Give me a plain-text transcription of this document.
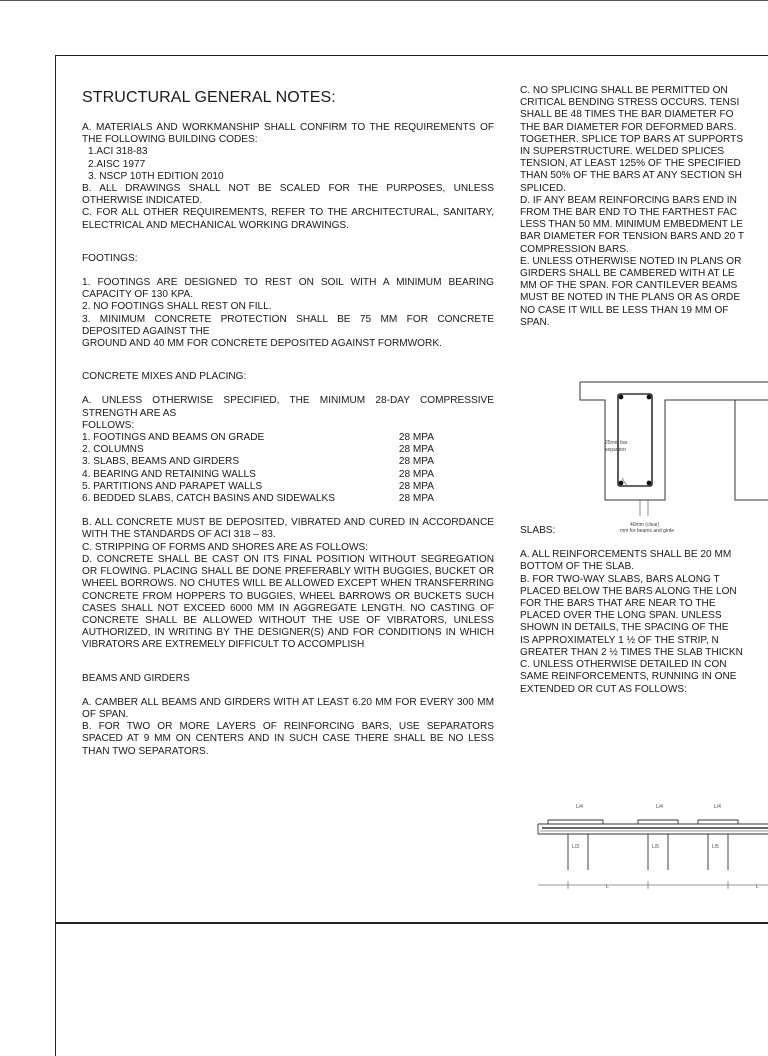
STRUCTURAL GENERAL NOTES:

A. MATERIALS AND WORKMANSHIP SHALL CONFIRM TO THE REQUIREMENTS OF THE FOLLOWING BUILDING CODES:

1.ACI 318-83

2.AISC 1977

3. NSCP 10TH EDITION 2010

B. ALL DRAWINGS SHALL NOT BE SCALED FOR THE PURPOSES, UNLESS OTHERWISE INDICATED.

C. FOR ALL OTHER REQUIREMENTS, REFER TO THE ARCHITECTURAL, SANITARY, ELECTRICAL AND MECHANICAL WORKING DRAWINGS.

FOOTINGS:

1. FOOTINGS ARE DESIGNED TO REST ON SOIL WITH A MINIMUM BEARING CAPACITY OF 130 KPA.

2. NO FOOTINGS SHALL REST ON FILL.

3. MINIMUM CONCRETE PROTECTION SHALL BE 75 MM FOR CONCRETE DEPOSITED AGAINST THE

GROUND AND 40 MM FOR CONCRETE DEPOSITED AGAINST FORMWORK.

CONCRETE MIXES AND PLACING:

A. UNLESS OTHERWISE SPECIFIED, THE MINIMUM 28-DAY COMPRESSIVE STRENGTH ARE AS

FOLLOWS:

1. FOOTINGS AND BEAMS ON GRADE	28 MPA
2. COLUMNS	28 MPA
3. SLABS, BEAMS AND GIRDERS	28 MPA
4. BEARING AND RETAINING WALLS	28 MPA
5. PARTITIONS AND PARAPET WALLS	28 MPA
6. BEDDED SLABS, CATCH BASINS AND SIDEWALKS	28 MPA

B. ALL CONCRETE MUST BE DEPOSITED, VIBRATED AND CURED IN ACCORDANCE WITH THE STANDARDS OF ACI 318 – 83.

C. STRIPPING OF FORMS AND SHORES ARE AS FOLLOWS:

D. CONCRETE SHALL BE CAST ON ITS FINAL POSITION WITHOUT SEGREGATION OR FLOWING. PLACING SHALL BE DONE PREFERABLY WITH BUGGIES, BUCKET OR WHEEL BORROWS. NO CHUTES WILL BE ALLOWED EXCEPT WHEN TRANSFERRING CONCRETE FROM HOPPERS TO BUGGIES, WHEEL BARROWS OR BUCKETS SUCH CASES SHALL NOT EXCEED 6000 MM IN AGGREGATE LENGTH. NO CASTING OF CONCRETE SHALL BE ALLOWED WITHOUT THE USE OF VIBRATORS, UNLESS AUTHORIZED, IN WRITING BY THE DESIGNER(S) AND FOR CONDITIONS IN WHICH VIBRATORS ARE EXTREMELY DIFFICULT TO ACCOMPLISH

BEAMS AND GIRDERS

A. CAMBER ALL BEAMS AND GIRDERS WITH AT LEAST 6.20 MM FOR EVERY 300 MM OF SPAN.

B. FOR TWO OR MORE LAYERS OF REINFORCING BARS, USE SEPARATORS SPACED AT 9 MM ON CENTERS AND IN SUCH CASE THERE SHALL BE NO LESS THAN TWO SEPARATORS.

C. NO SPLICING SHALL BE PERMITTED ON
CRITICAL BENDING STRESS OCCURS. TENSI
SHALL BE 48 TIMES THE BAR DIAMETER FO
THE BAR DIAMETER FOR DEFORMED BARS.
TOGETHER. SPLICE TOP BARS AT SUPPORTS
IN SUPERSTRUCTURE. WELDED SPLICES
TENSION, AT LEAST 125% OF THE SPECIFIED
THAN 50% OF THE BARS AT ANY SECTION SH
SPLICED.
D. IF ANY BEAM REINFORCING BARS END IN
FROM THE BAR END TO THE FARTHEST FAC
LESS THAN 50 MM. MINIMUM EMBEDMENT LE
BAR DIAMETER FOR TENSION BARS AND 20 T
COMPRESSION BARS.
E. UNLESS OTHERWISE NOTED IN PLANS OR
GIRDERS SHALL BE CAMBERED WITH AT LE
MM OF THE SPAN. FOR CANTILEVER BEAMS
MUST BE NOTED IN THE PLANS OR AS ORDE
NO CASE IT WILL BE LESS THAN 19 MM OF
SPAN.
SLABS:
A. ALL REINFORCEMENTS SHALL BE 20 MM
BOTTOM OF THE SLAB.
B. FOR TWO-WAY SLABS, BARS ALONG T
PLACED BELOW THE BARS ALONG THE LON
FOR THE BARS THAT ARE NEAR TO THE
PLACED OVER THE LONG SPAN. UNLESS
SHOWN IN DETAILS, THE SPACING OF THE
IS APPROXIMATELY 1 ½ OF THE STRIP, N
GREATER THAN 2 ½ TIMES THE SLAB THICKN
C. UNLESS OTHERWISE DETAILED IN CON
SAME REINFORCEMENTS, RUNNING IN ONE
EXTENDED OR CUT AS FOLLOWS:
25mm bar
separator
40mm (clear)
mm for beams and girde
L/4	L/4	L/4
L/3	L/5	L/5
L	L
